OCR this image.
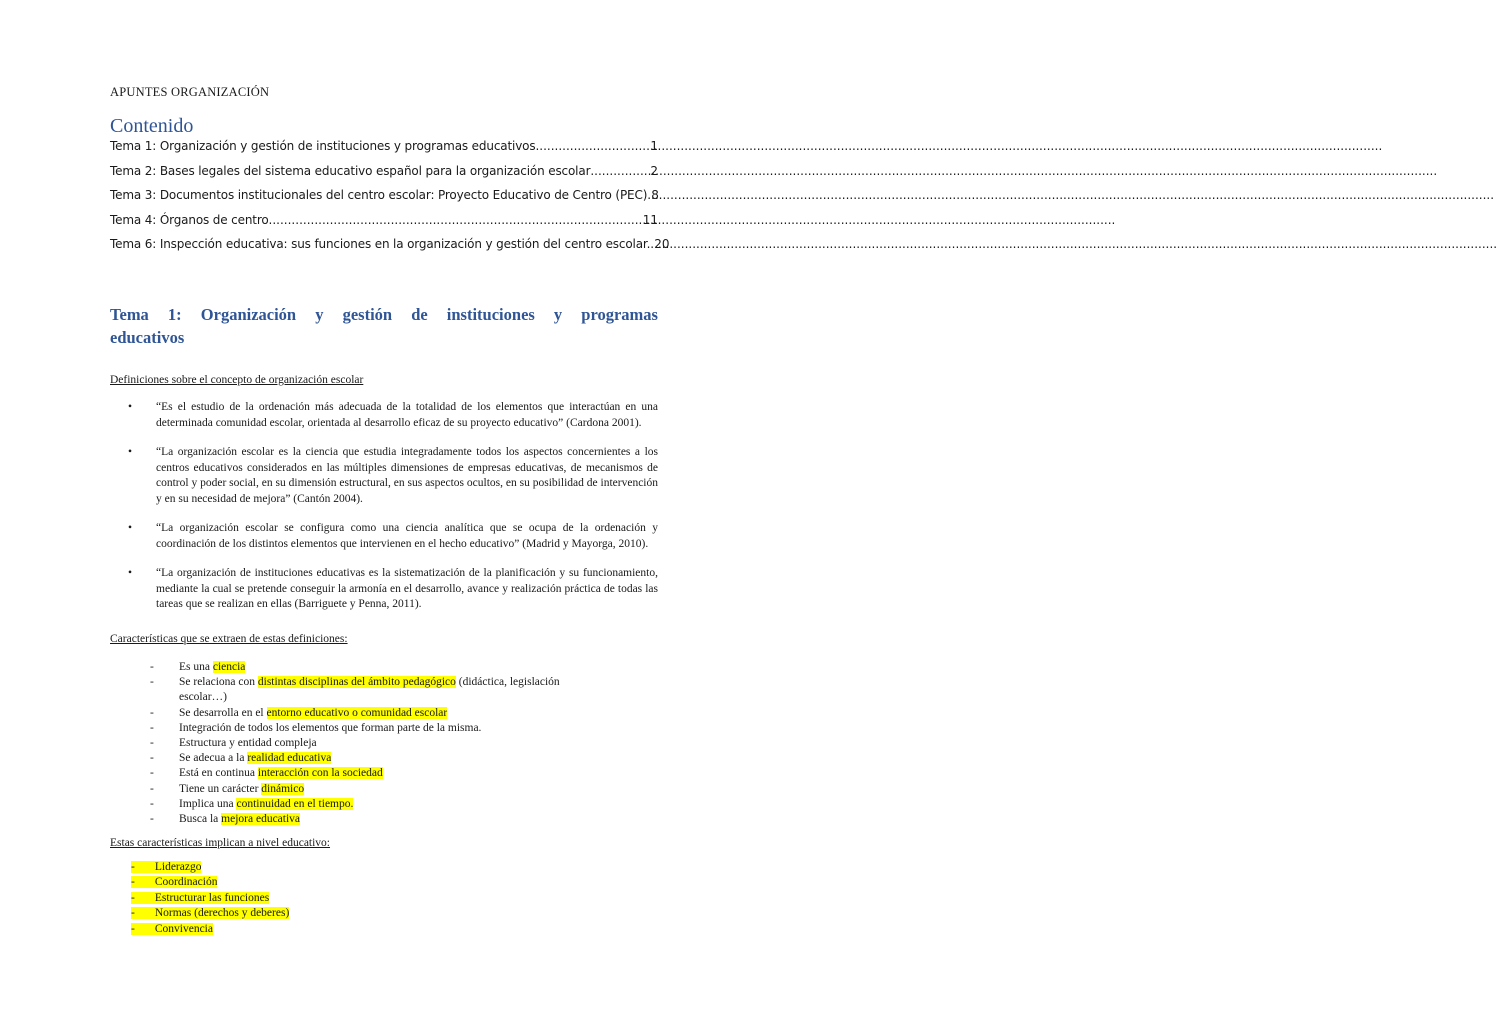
APUNTES ORGANIZACIÓN
Contenido
Tema 1: Organización y gestión de instituciones y programas educativos .....	1
Tema 2: Bases legales del sistema educativo español para la organización escolar .....	2
Tema 3: Documentos institucionales del centro escolar: Proyecto Educativo de Centro (PEC) ..... 8
Tema 4: Órganos de centro .....	11
Tema 6: Inspección educativa: sus funciones en la organización y gestión del centro escolar. ..... 20
Tema 1: Organización y gestión de instituciones y programas
educativos
Definiciones sobre el concepto de organización escolar
• “Es el estudio de la ordenación más adecuada de la totalidad de los elementos que interactúan en una determinada comunidad escolar, orientada al desarrollo eficaz de su proyecto educativo” (Cardona 2001).
• “La organización escolar es la ciencia que estudia integradamente todos los aspectos concernientes a los centros educativos considerados en las múltiples dimensiones de empresas educativas, de mecanismos de control y poder social, en su dimensión estructural, en sus aspectos ocultos, en su posibilidad de intervención y en su necesidad de mejora” (Cantón 2004).
• “La organización escolar se configura como una ciencia analítica que se ocupa de la ordenación y coordinación de los distintos elementos que intervienen en el hecho educativo” (Madrid y Mayorga, 2010).
• “La organización de instituciones educativas es la sistematización de la planificación y su funcionamiento, mediante la cual se pretende conseguir la armonía en el desarrollo, avance y realización práctica de todas las tareas que se realizan en ellas (Barriguete y Penna, 2011).
Características que se extraen de estas definiciones:
- Es una ciencia
- Se relaciona con distintas disciplinas del ámbito pedagógico (didáctica, legislación escolar…)
- Se desarrolla en el entorno educativo o comunidad escolar
- Integración de todos los elementos que forman parte de la misma.
- Estructura y entidad compleja
- Se adecua a la realidad educativa
- Está en continua interacción con la sociedad
- Tiene un carácter dinámico
- Implica una continuidad en el tiempo.
- Busca la mejora educativa
Estas características implican a nivel educativo:
- Liderazgo
- Coordinación
- Estructurar las funciones
- Normas (derechos y deberes)
- Convivencia
